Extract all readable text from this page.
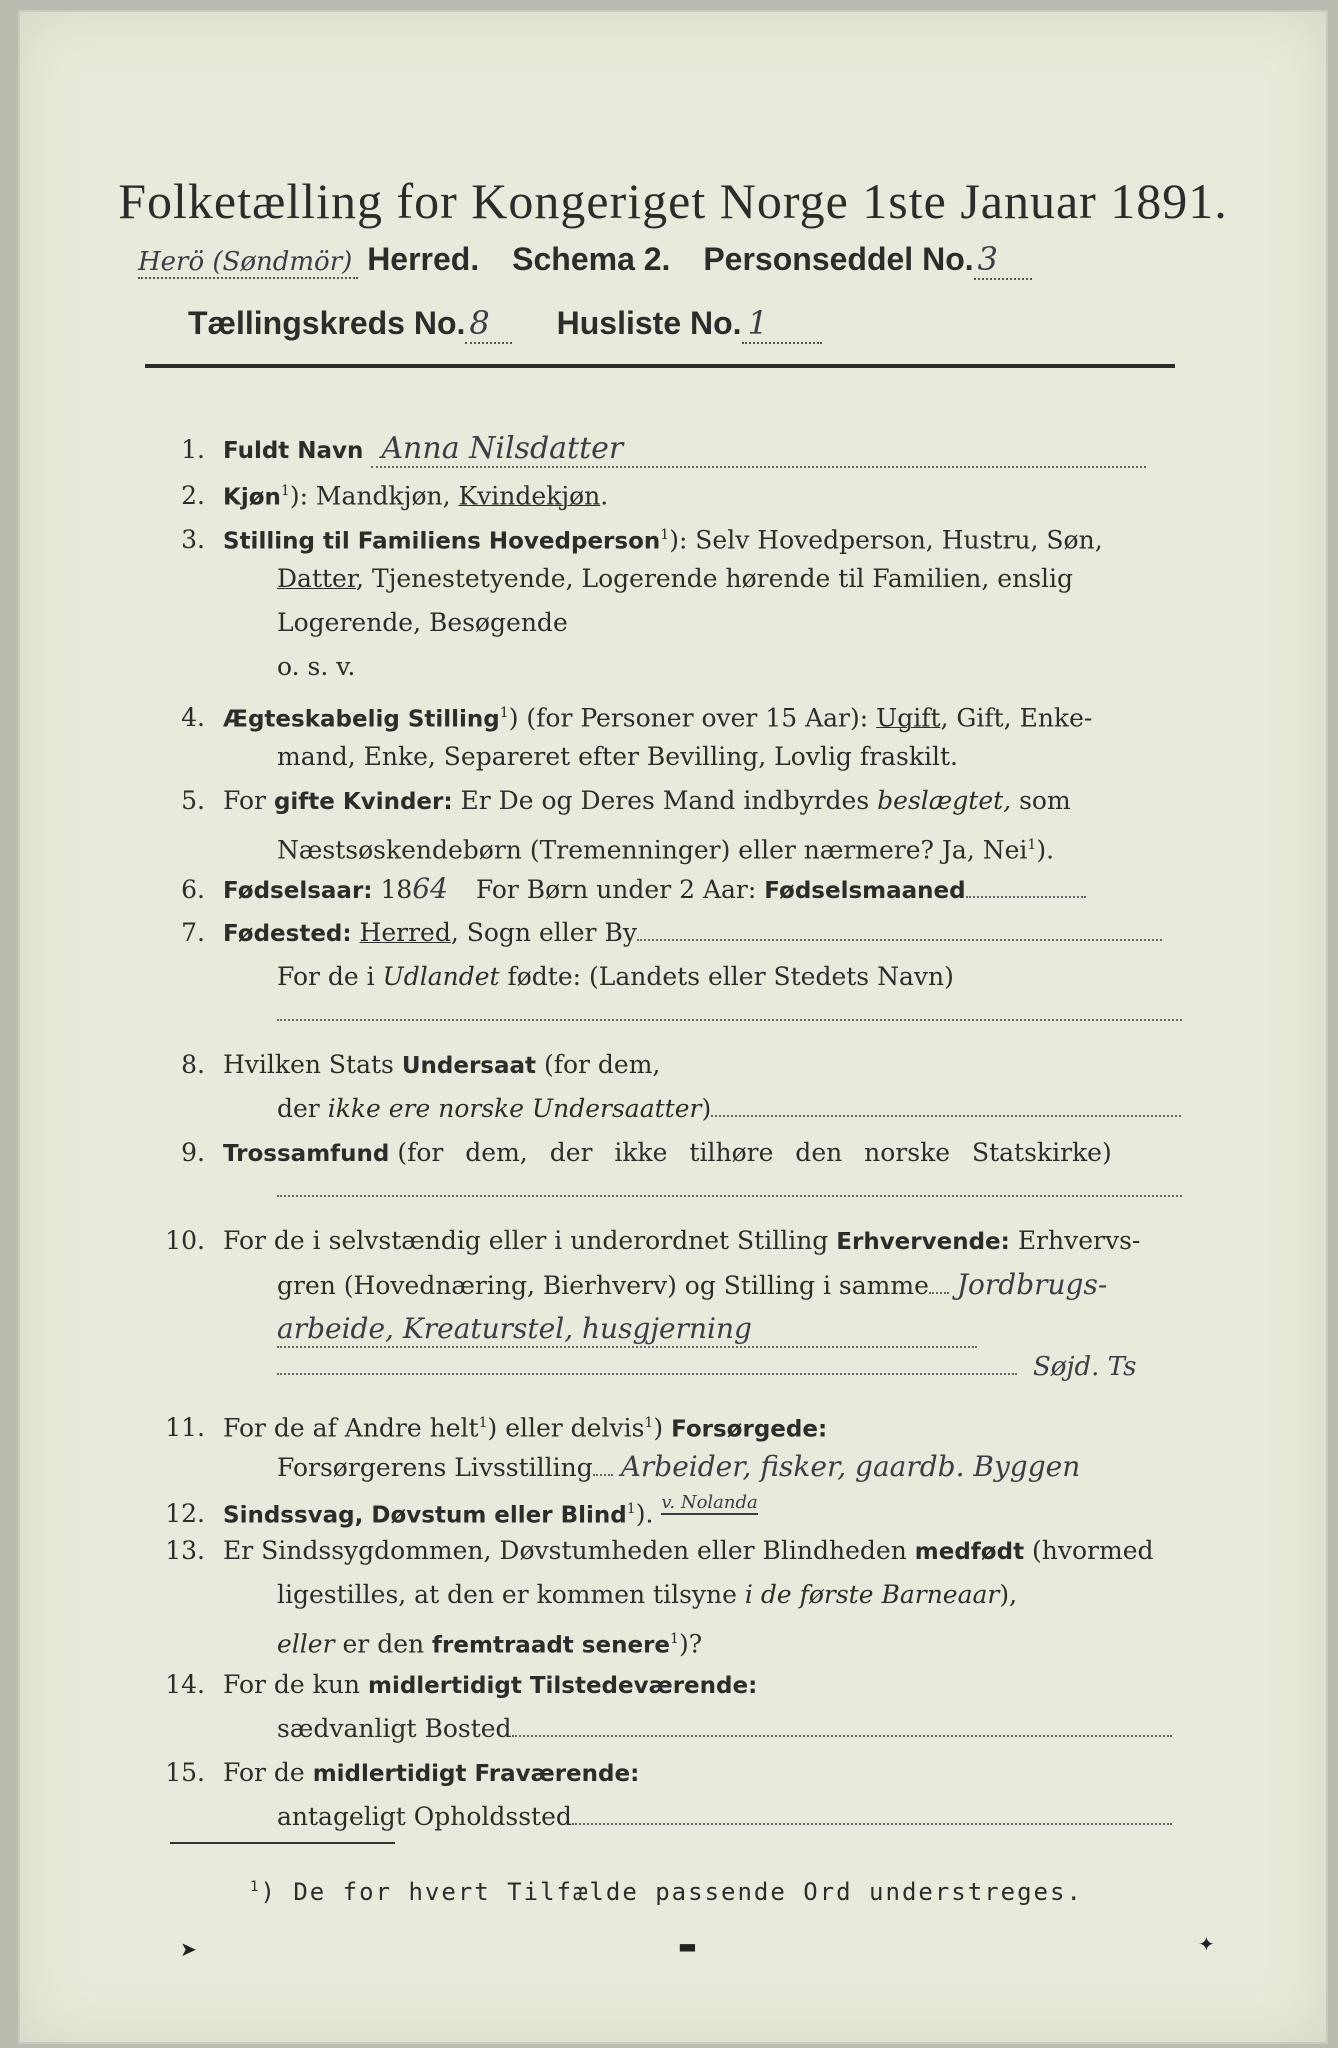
Folketælling for Kongeriget Norge 1ste Januar 1891.
Herö (Søndmör) Herred. Schema 2. Personseddel No. 3
Tællingskreds No. 8 Husliste No. 1
1. Fuldt Navn Anna Nilsdatter
2. Kjøn$^1$): Mandkjøn, Kvindekjøn.
3. Stilling til Familiens Hovedperson$^1$): Selv Hovedperson, Hustru, Søn,
Datter, Tjenestetyende, Logerende hørende til Familien, enslig
Logerende, Besøgende
o. s. v.
4. Ægteskabelig Stilling$^1$) (for Personer over 15 Aar): Ugift, Gift, Enke-
mand, Enke, Separeret efter Bevilling, Lovlig fraskilt.
5. For gifte Kvinder: Er De og Deres Mand indbyrdes beslægtet, som
Næstsøskendebørn (Tremenninger) eller nærmere? Ja, Nei$^1$).
6. Fødselsaar: 1864 For Børn under 2 Aar: Fødselsmaaned
7. Fødested: Herred, Sogn eller By
For de i Udlandet fødte: (Landets eller Stedets Navn)
8. Hvilken Stats Undersaat (for dem,
der ikke ere norske Undersaatter)
9. Trossamfund (for dem, der ikke tilhøre den norske Statskirke)
10. For de i selvstændig eller i underordnet Stilling Erhvervende: Erhvervs-
gren (Hovednæring, Bierhverv) og Stilling i samme Jordbrugs-
arbeide, Kreaturstel, husgjerning
Søjd. Ts
11. For de af Andre helt$^1$) eller delvis$^1$) Forsørgede:
Forsørgerens Livsstilling Arbeider, fisker, gaardb. Byggen
12. Sindssvag, Døvstum eller Blind$^1$). $^{v. Nolanda}$
13. Er Sindssygdommen, Døvstumheden eller Blindheden medfødt (hvormed
ligestilles, at den er kommen tilsyne i de første Barneaar),
eller er den fremtraadt senere$^1$)?
14. For de kun midlertidigt Tilstedeværende:
sædvanligt Bosted
15. For de midlertidigt Fraværende:
antageligt Opholdssted
$^1$) De for hvert Tilfælde passende Ord understreges.
➤	▬	✦
